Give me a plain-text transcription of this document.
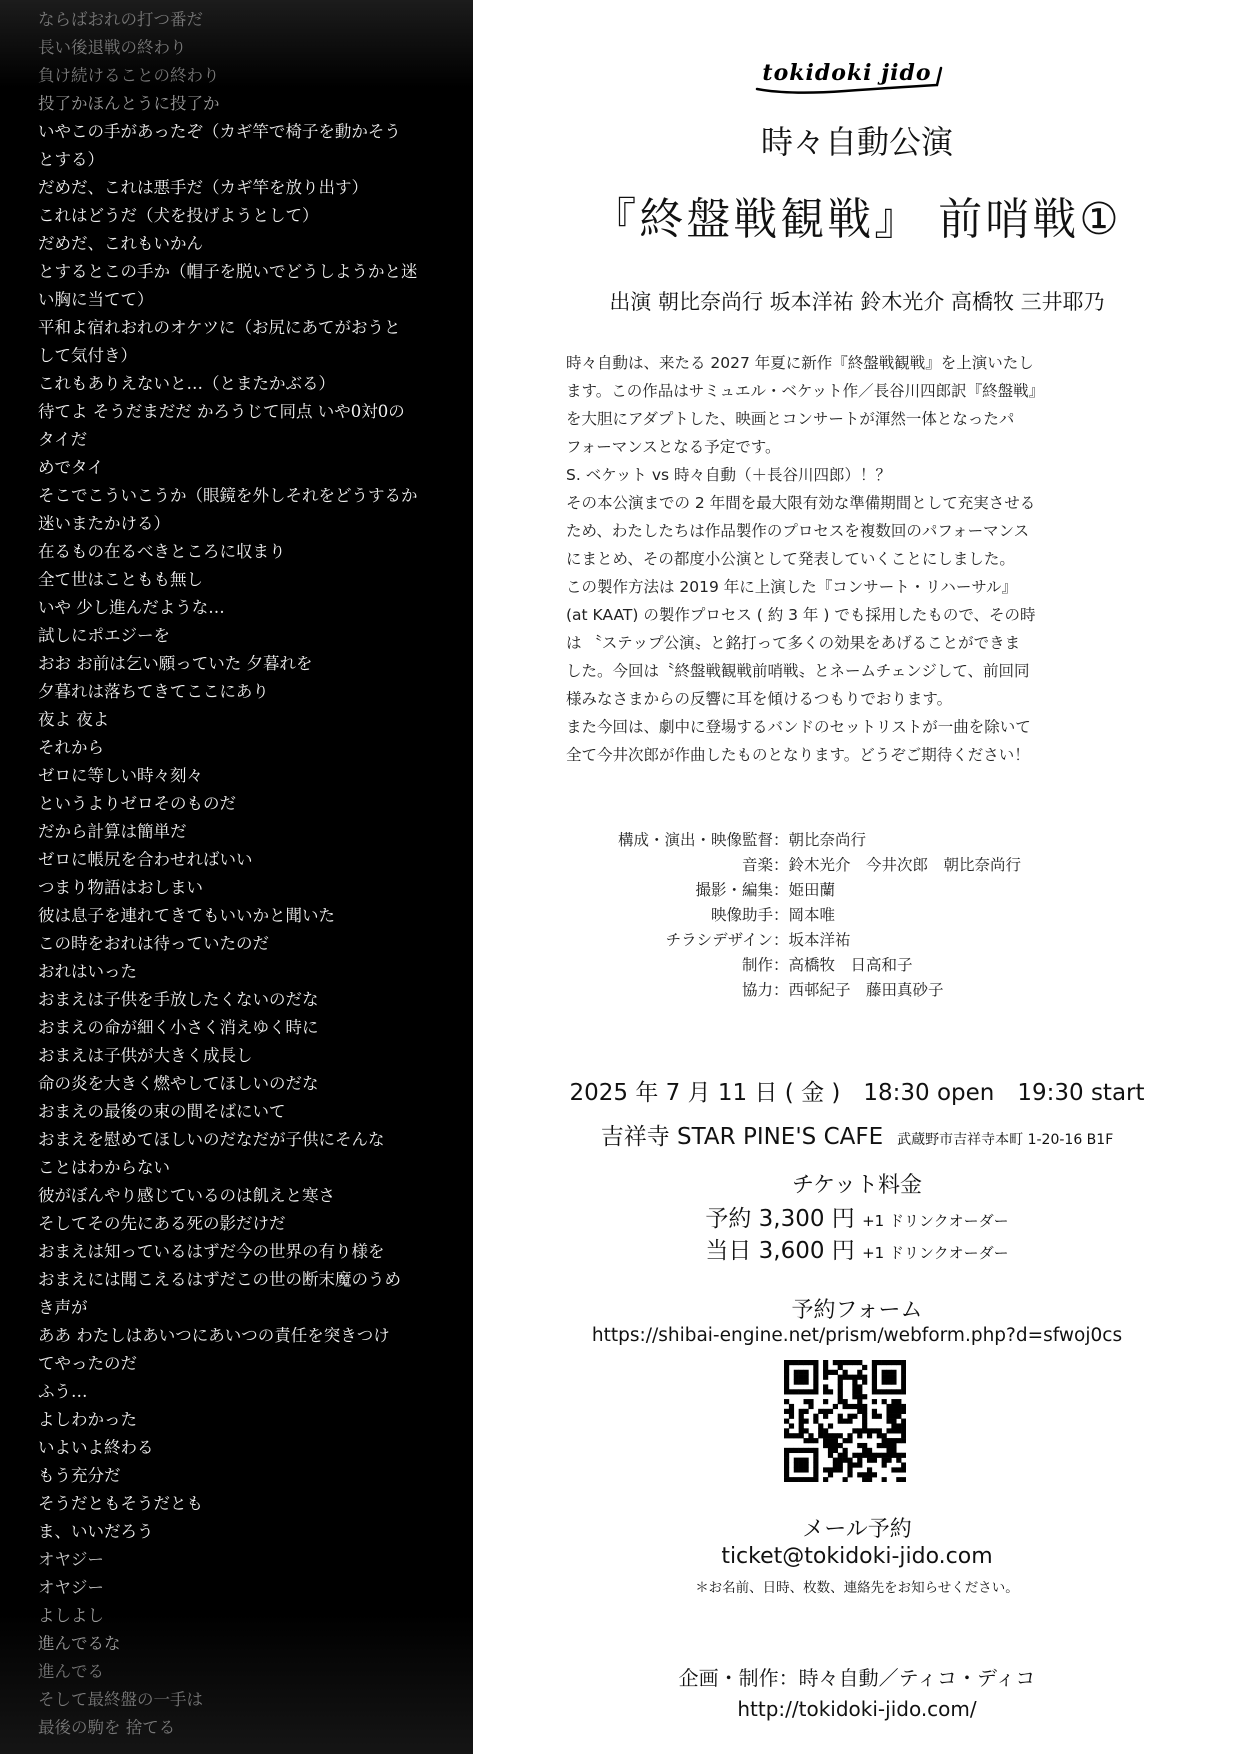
ならばおれの打つ番だ
長い後退戦の終わり
負け続けることの終わり
投了かほんとうに投了か
いやこの手があったぞ（カギ竿で椅子を動かそう
とする）
だめだ、これは悪手だ（カギ竿を放り出す）
これはどうだ（犬を投げようとして）
だめだ、これもいかん
とするとこの手か（帽子を脱いでどうしようかと迷
い胸に当てて）
平和よ宿れおれのオケツに（お尻にあてがおうと
して気付き）
これもありえないと…（とまたかぶる）
待てよ そうだまだだ かろうじて同点 いや0対0の
タイだ
めでタイ
そこでこういこうか（眼鏡を外しそれをどうするか
迷いまたかける）
在るもの在るべきところに収まり
全て世はこともも無し
いや 少し進んだような…
試しにポエジーを
おお お前は乞い願っていた 夕暮れを
夕暮れは落ちてきてここにあり
夜よ 夜よ
それから
ゼロに等しい時々刻々
というよりゼロそのものだ
だから計算は簡単だ
ゼロに帳尻を合わせればいい
つまり物語はおしまい
彼は息子を連れてきてもいいかと聞いた
この時をおれは待っていたのだ
おれはいった
おまえは子供を手放したくないのだな
おまえの命が細く小さく消えゆく時に
おまえは子供が大きく成長し
命の炎を大きく燃やしてほしいのだな
おまえの最後の束の間そばにいて
おまえを慰めてほしいのだなだが子供にそんな
ことはわからない
彼がぼんやり感じているのは飢えと寒さ
そしてその先にある死の影だけだ
おまえは知っているはずだ今の世界の有り様を
おまえには聞こえるはずだこの世の断末魔のうめ
き声が
ああ わたしはあいつにあいつの責任を突きつけ
てやったのだ
ふう…
よしわかった
いよいよ終わる
もう充分だ
そうだともそうだとも
ま、いいだろう
オヤジー
オヤジー
よしよし
進んでるな
進んでる
そして最終盤の一手は
最後の駒を 捨てる
tokidoki jido
時々自動公演
『終盤戦観戦』 前哨戦①
出演 朝比奈尚行 坂本洋祐 鈴木光介 高橋牧 三井耶乃
時々自動は、来たる 2027 年夏に新作『終盤戦観戦』を上演いたし
ます。この作品はサミュエル・ベケット作／長谷川四郎訳『終盤戦』
を大胆にアダプトした、映画とコンサートが渾然一体となったパ
フォーマンスとなる予定です。
S. ベケット vs 時々自動（＋長谷川四郎）！？
その本公演までの 2 年間を最大限有効な準備期間として充実させる
ため、わたしたちは作品製作のプロセスを複数回のパフォーマンス
にまとめ、その都度小公演として発表していくことにしました。
この製作方法は 2019 年に上演した『コンサート・リハーサル』
(at KAAT) の製作プロセス ( 約 3 年 ) でも採用したもので、その時
は 〝ステップ公演〟と銘打って多くの効果をあげることができま
した。今回は〝終盤戦観戦前哨戦〟とネームチェンジして、前回同
様みなさまからの反響に耳を傾けるつもりでおります。
また今回は、劇中に登場するバンドのセットリストが一曲を除いて
全て今井次郎が作曲したものとなります。どうぞご期待ください！
構成・演出・映像監督：朝比奈尚行
音楽：鈴木光介　今井次郎　朝比奈尚行
撮影・編集：姫田蘭
映像助手：岡本唯
チラシデザイン：坂本洋祐
制作：高橋牧　日高和子
協力：西邨紀子　藤田真砂子
2025 年 7 月 11 日 ( 金 )　18:30 open　19:30 start
吉祥寺 STAR PINE'S CAFE 武蔵野市吉祥寺本町 1-20-16 B1F
チケット料金
予約 3,300 円 +1 ドリンクオーダー
当日 3,600 円 +1 ドリンクオーダー
予約フォーム
https://shibai-engine.net/prism/webform.php?d=sfwoj0cs
メール予約
ticket@tokidoki-jido.com
＊お名前、日時、枚数、連絡先をお知らせください。
企画・制作：時々自動／ティコ・ディコ
http://tokidoki-jido.com/
